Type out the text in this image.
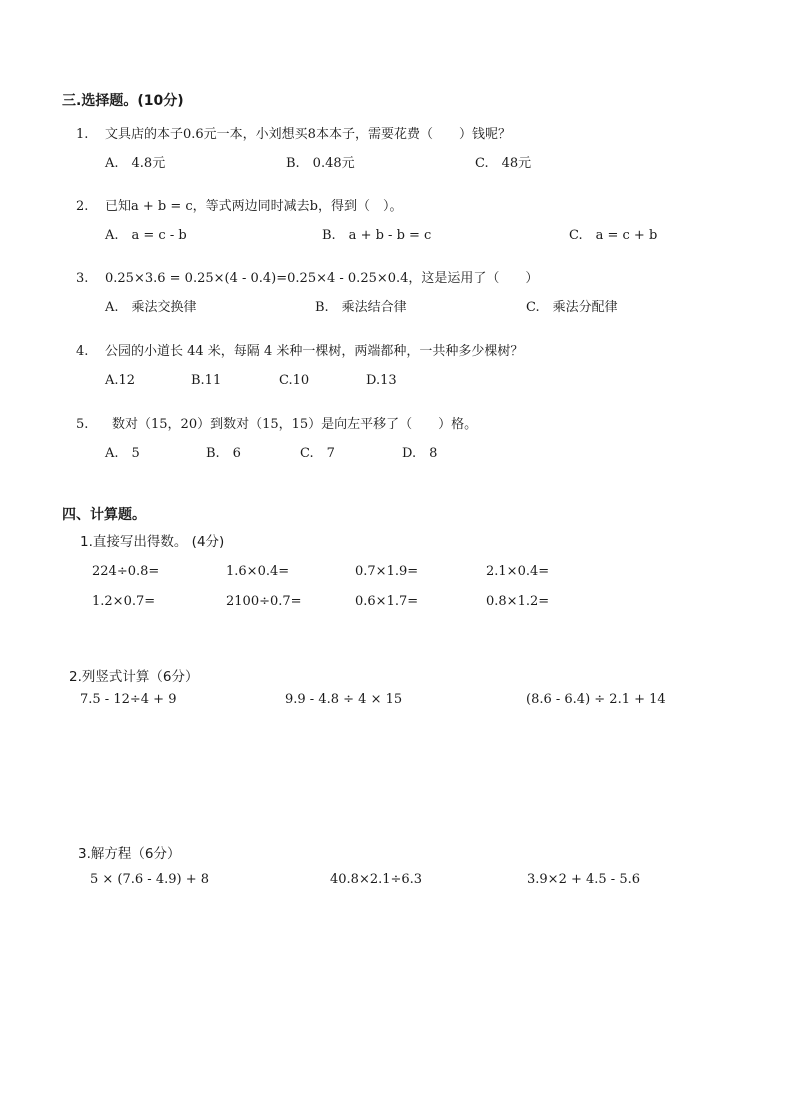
三.选择题。(10分)
1. 文具店的本子0.6元一本，小刘想买8本本子，需要花费（　　）钱呢？
A.　4.8元	B.　0.48元	C.　48元
2. 已知a + b = c，等式两边同时减去b，得到（　）。
A.　a = c - b	B.　a + b - b = c	C.　a = c + b
3. 0.25×3.6 = 0.25×(4 - 0.4)=0.25×4 - 0.25×0.4，这是运用了（　　）
A.　乘法交换律	B.　乘法结合律	C.　乘法分配律
4. 公园的小道长 44 米，每隔 4 米种一棵树，两端都种，一共种多少棵树？
A.12	B.11	C.10	D.13
5. 数对（15，20）到数对（15，15）是向左平移了（　　）格。
A.　5	B.　6	C.　7	D.　8
四、计算题。
1.直接写出得数。 (4分)
224÷0.8=	1.6×0.4=	0.7×1.9=	2.1×0.4=
1.2×0.7=	2100÷0.7=	0.6×1.7=	0.8×1.2=
2.列竖式计算（6分）
7.5 - 12÷4 + 9	9.9 - 4.8 ÷ 4 × 15	(8.6 - 6.4) ÷ 2.1 + 14
3.解方程（6分）
5 × (7.6 - 4.9) + 8	40.8×2.1÷6.3	3.9×2 + 4.5 - 5.6
